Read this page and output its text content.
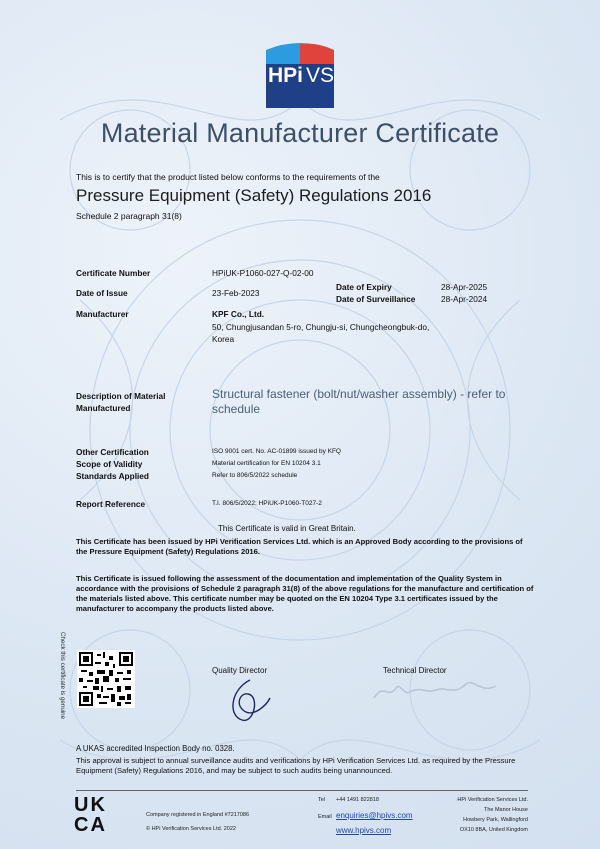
HPi VS
Material Manufacturer Certificate
This is to certify that the product listed below conforms to the requirements of the
Pressure Equipment (Safety) Regulations 2016
Schedule 2 paragraph 31(8)
Certificate Number	HPiUK-P1060-027-Q-02-00
Date of Expiry	28-Apr-2025
Date of Issue	23-Feb-2023
Date of Surveillance	28-Apr-2024
Manufacturer	KPF Co., Ltd.
50, Chungjusandan 5-ro, Chungju-si, Chungcheongbuk-do,
Korea
Description of Material
Manufactured
Structural fastener (bolt/nut/washer assembly) - refer to schedule
Other Certification	ISO 9001 cert. No. AC-01899 issued by KFQ
Scope of Validity	Material certification for EN 10204 3.1
Standards Applied	Refer to 806/5/2022 schedule
Report Reference	T.I. 806/5/2022; HPiUK-P1060-T027-2
This Certificate is valid in Great Britain.
This Certificate has been issued by HPi Verification Services Ltd. which is an Approved Body according to the provisions of the Pressure Equipment (Safety) Regulations 2016.
This Certificate is issued following the assessment of the documentation and implementation of the Quality System in accordance with the provisions of Schedule 2 paragraph 31(8) of the above regulations for the manufacture and certification of the materials listed above. This certificate number may be quoted on the EN 10204 Type 3.1 certificates issued by the manufacturer to accompany the products listed above.
Check this certificate is genuine	Quality Director	Technical Director
A UKAS accredited Inspection Body no. 0328.
This approval is subject to annual surveillance audits and verifications by HPi Verification Services Ltd. as required by the Pressure Equipment (Safety) Regulations 2016, and may be subject to such audits being unannounced.
UK
CA	Company registered in England #7217086
© HPi Verification Services Ltd. 2022
Tel +44 1491 822818
Email enquiries@hpivs.com
www.hpivs.com
HPi Verification Services Ltd.
The Manor House
Howbery Park, Wallingford
OX10 8BA, United Kingdom
